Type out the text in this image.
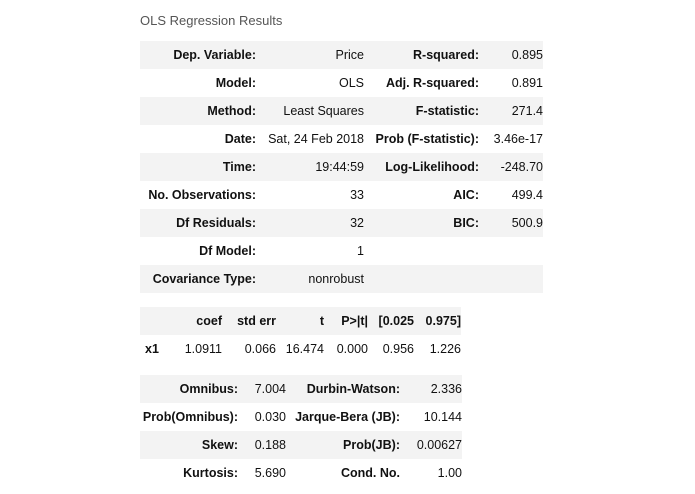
OLS Regression Results
Dep. Variable:	Price	R-squared:	0.895
Model:	OLS	Adj. R-squared:	0.891
Method:	Least Squares	F-statistic:	271.4
Date:	Sat, 24 Feb 2018	Prob (F-statistic):	3.46e-17
Time:	19:44:59	Log-Likelihood:	-248.70
No. Observations:	33	AIC:	499.4
Df Residuals:	32	BIC:	500.9
Df Model:	1		
Covariance Type:	nonrobust		
	coef	std err	t	P>|t|	[0.025	0.975]
x1	1.0911	0.066	16.474	0.000	0.956	1.226
Omnibus:	7.004	Durbin-Watson:	2.336
Prob(Omnibus):	0.030	Jarque-Bera (JB):	10.144
Skew:	0.188	Prob(JB):	0.00627
Kurtosis:	5.690	Cond. No.	1.00
